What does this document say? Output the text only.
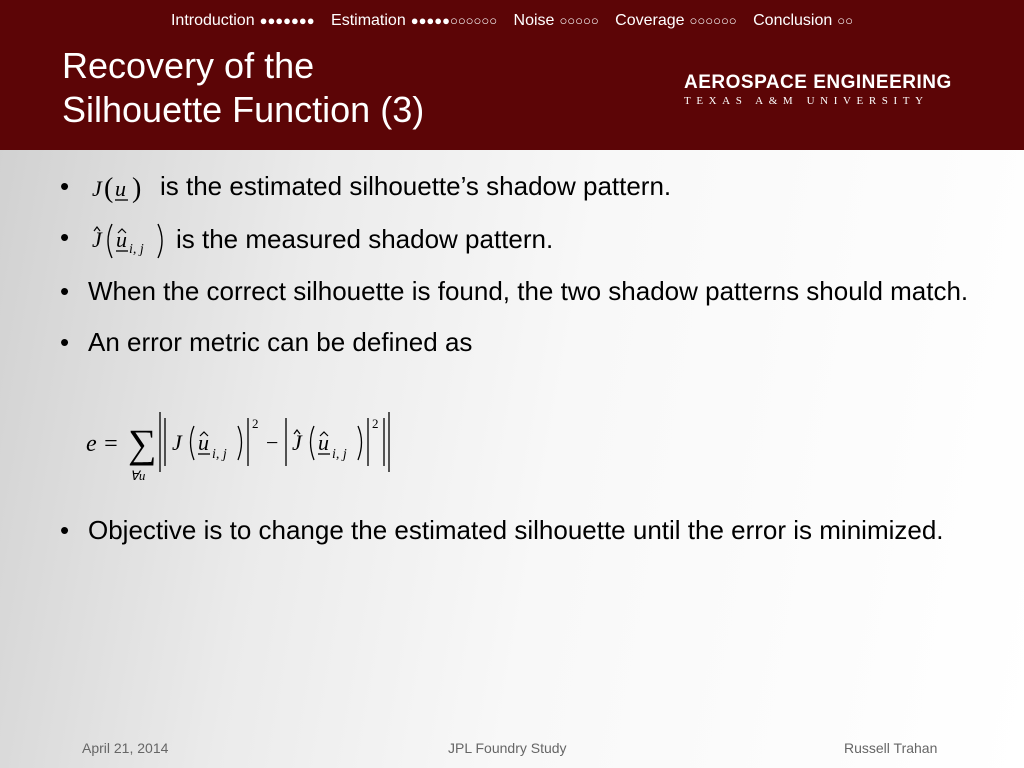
Introduction ●●●●●●● Estimation ●●●●●○○○○○○ Noise ○○○○○ Coverage ○○○○○○ Conclusion ○○
Recovery of the
Silhouette Function (3)
AEROSPACE ENGINEERING
TEXAS A&M UNIVERSITY
• J ( u ) is the estimated silhouette’s shadow pattern.
• J u i, j is the measured shadow pattern.
• When the correct silhouette is found, the two shadow patterns should match.
• An error metric can be defined as
e = ∑
∀u
J u i, j
2
− J u i, j
2
• Objective is to change the estimated silhouette until the error is minimized.
April 21, 2014	JPL Foundry Study	Russell Trahan
